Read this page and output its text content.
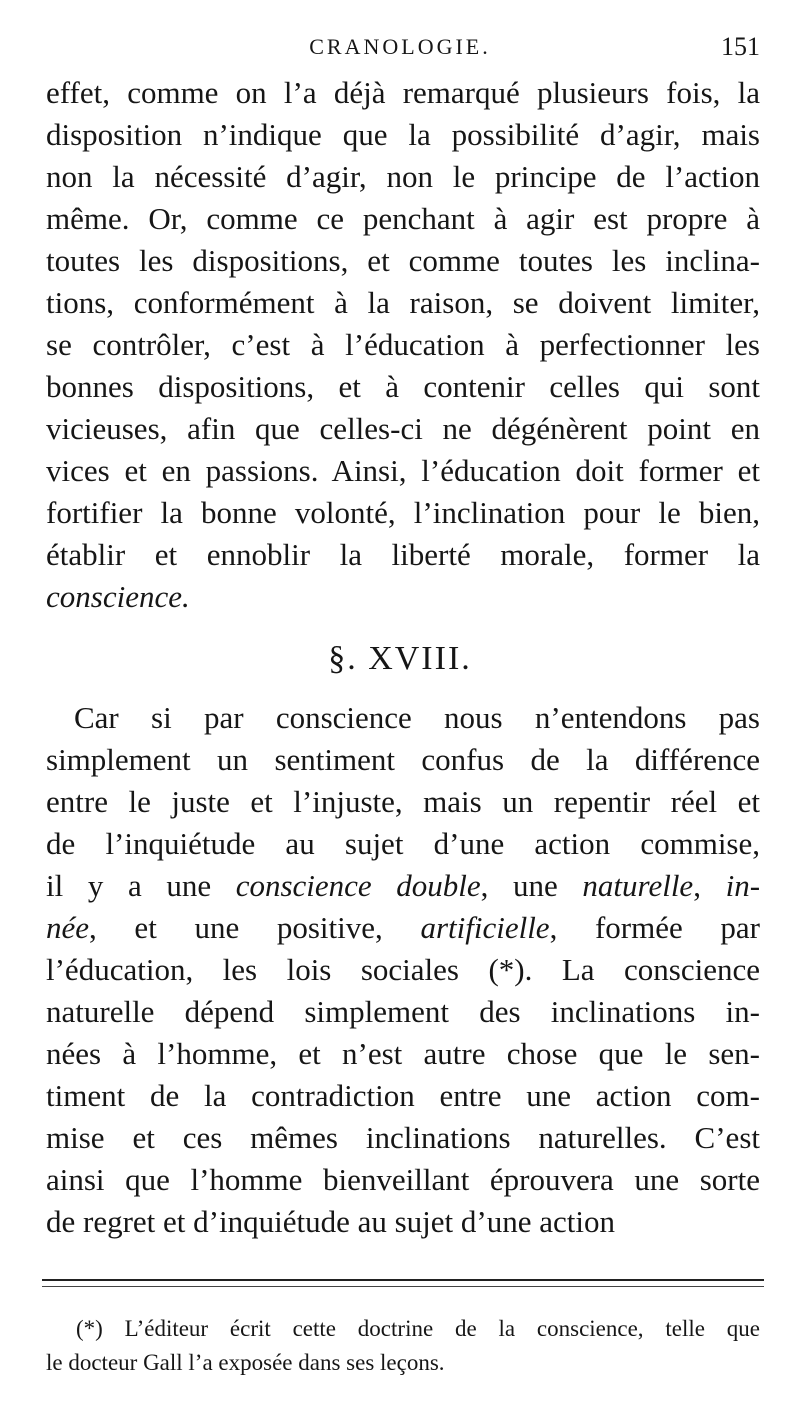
CRANOLOGIE.	151
effet, comme on l’a déjà remarqué plusieurs fois, la
disposition n’indique que la possibilité d’agir, mais
non la nécessité d’agir, non le principe de l’action
même. Or, comme ce penchant à agir est propre à
toutes les dispositions, et comme toutes les inclina-
tions, conformément à la raison, se doivent limiter,
se contrôler, c’est à l’éducation à perfectionner les
bonnes dispositions, et à contenir celles qui sont
vicieuses, afin que celles-ci ne dégénèrent point en
vices et en passions. Ainsi, l’éducation doit former et
fortifier la bonne volonté, l’inclination pour le bien,
établir et ennoblir la liberté morale, former la
conscience.
§. XVIII.
Car si par conscience nous n’entendons pas
simplement un sentiment confus de la différence
entre le juste et l’injuste, mais un repentir réel et
de l’inquiétude au sujet d’une action commise,
il y a une conscience double, une naturelle, in-
née, et une positive, artificielle, formée par
l’éducation, les lois sociales (*). La conscience
naturelle dépend simplement des inclinations in-
nées à l’homme, et n’est autre chose que le sen-
timent de la contradiction entre une action com-
mise et ces mêmes inclinations naturelles. C’est
ainsi que l’homme bienveillant éprouvera une sorte
de regret et d’inquiétude au sujet d’une action
(*) L’éditeur écrit cette doctrine de la conscience, telle que
le docteur Gall l’a exposée dans ses leçons.
